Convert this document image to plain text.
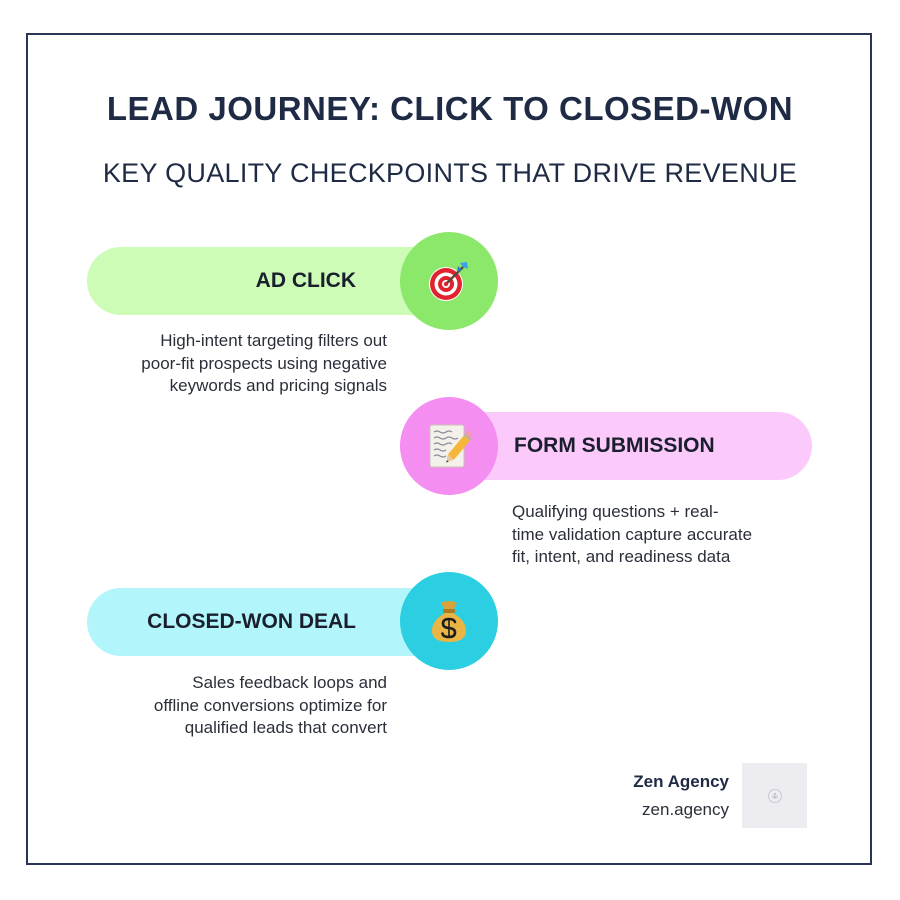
LEAD JOURNEY: CLICK TO CLOSED-WON
KEY QUALITY CHECKPOINTS THAT DRIVE REVENUE
AD CLICK
High-intent targeting filters out
poor-fit prospects using negative
keywords and pricing signals
FORM SUBMISSION
Qualifying questions + real-
time validation capture accurate
fit, intent, and readiness data
CLOSED-WON DEAL
Sales feedback loops and
offline conversions optimize for
qualified leads that convert
Zen Agency
zen.agency
